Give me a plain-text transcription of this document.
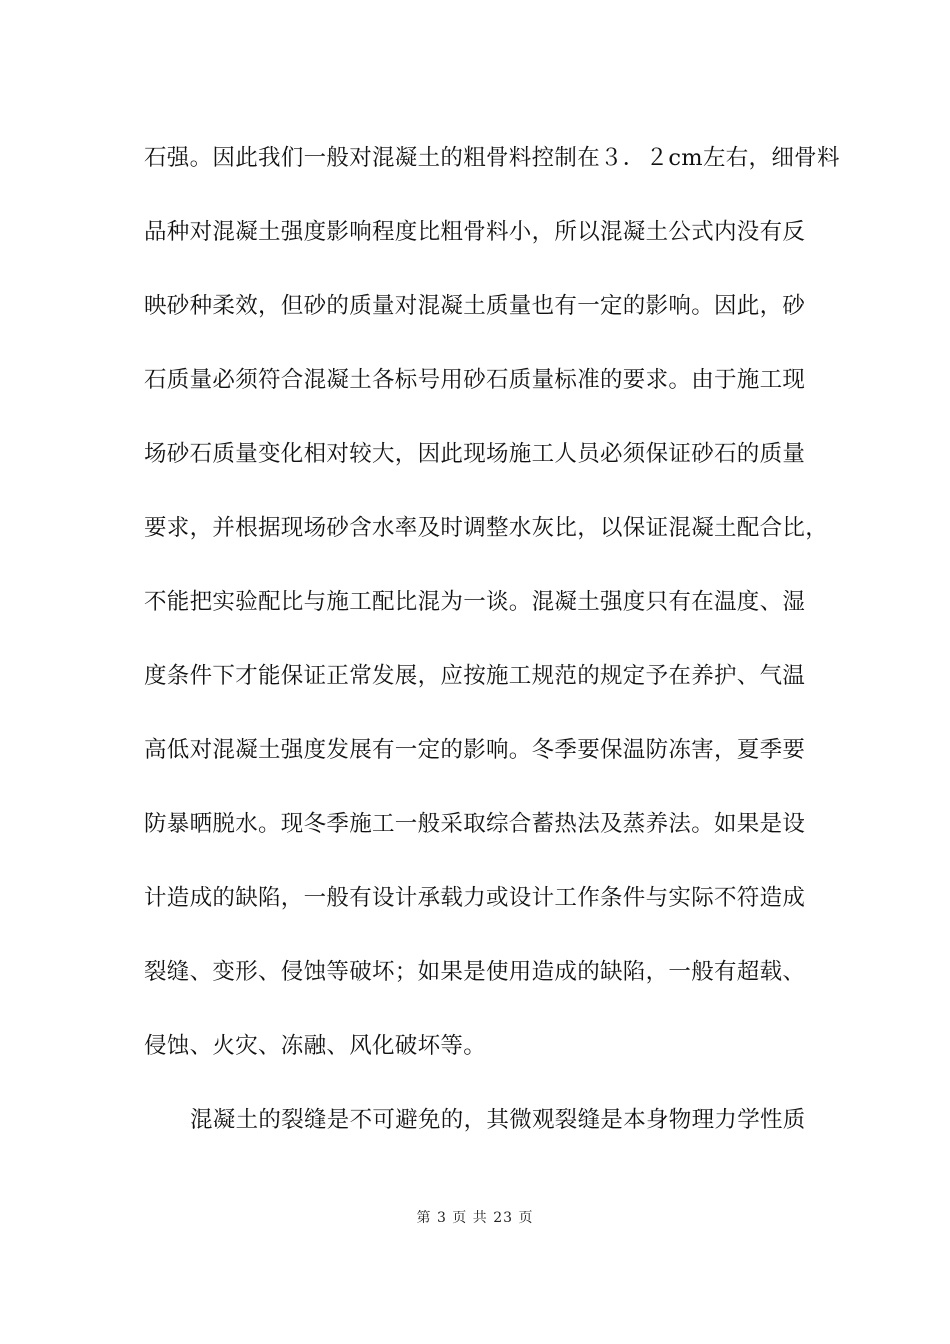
石强。因此我们一般对混凝土的粗骨料控制在３．２cm左右，细骨料
品种对混凝土强度影响程度比粗骨料小，所以混凝土公式内没有反
映砂种柔效，但砂的质量对混凝土质量也有一定的影响。因此，砂
石质量必须符合混凝土各标号用砂石质量标准的要求。由于施工现
场砂石质量变化相对较大，因此现场施工人员必须保证砂石的质量
要求，并根据现场砂含水率及时调整水灰比，以保证混凝土配合比，
不能把实验配比与施工配比混为一谈。混凝土强度只有在温度、湿
度条件下才能保证正常发展，应按施工规范的规定予在养护、气温
高低对混凝土强度发展有一定的影响。冬季要保温防冻害，夏季要
防暴晒脱水。现冬季施工一般采取综合蓄热法及蒸养法。如果是设
计造成的缺陷，一般有设计承载力或设计工作条件与实际不符造成
裂缝、变形、侵蚀等破坏；如果是使用造成的缺陷，一般有超载、
侵蚀、火灾、冻融、风化破坏等。
混凝土的裂缝是不可避免的，其微观裂缝是本身物理力学性质
第 3 页 共 23 页
